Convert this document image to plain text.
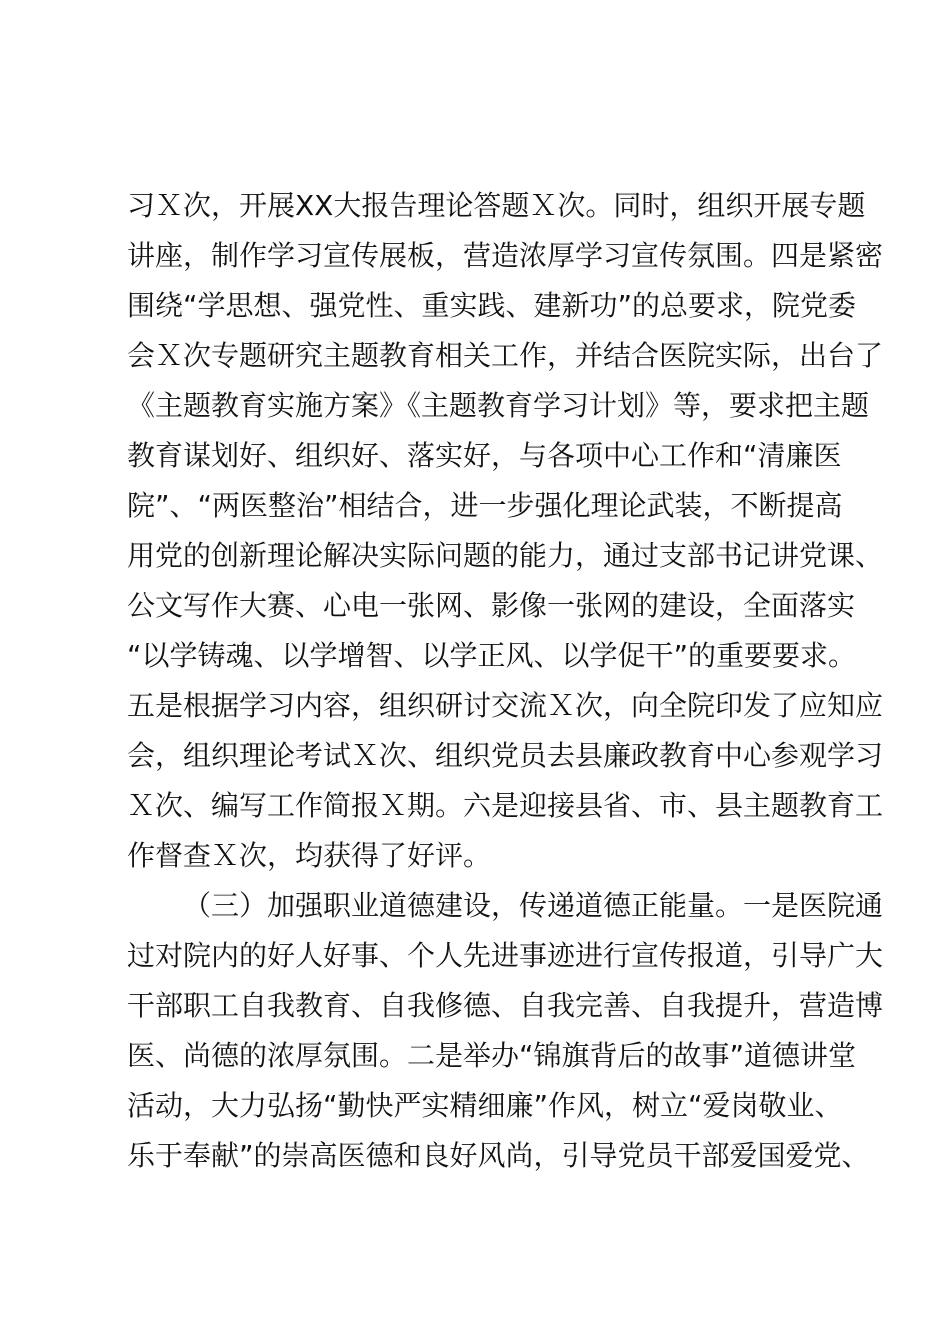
习Ｘ次，开展XX大报告理论答题Ｘ次。同时，组织开展专题
讲座，制作学习宣传展板，营造浓厚学习宣传氛围。四是紧密
围绕“学思想、强党性、重实践、建新功”的总要求，院党委
会Ｘ次专题研究主题教育相关工作，并结合医院实际，出台了
《主题教育实施方案》《主题教育学习计划》等，要求把主题
教育谋划好、组织好、落实好，与各项中心工作和“清廉医
院”、“两医整治”相结合，进一步强化理论武装，不断提高
用党的创新理论解决实际问题的能力，通过支部书记讲党课、
公文写作大赛、心电一张网、影像一张网的建设，全面落实
“以学铸魂、以学增智、以学正风、以学促干”的重要要求。
五是根据学习内容，组织研讨交流Ｘ次，向全院印发了应知应
会，组织理论考试Ｘ次、组织党员去县廉政教育中心参观学习
Ｘ次、编写工作简报Ｘ期。六是迎接县省、市、县主题教育工
作督查Ｘ次，均获得了好评。
（三）加强职业道德建设，传递道德正能量。一是医院通
过对院内的好人好事、个人先进事迹进行宣传报道，引导广大
干部职工自我教育、自我修德、自我完善、自我提升，营造博
医、尚德的浓厚氛围。二是举办“锦旗背后的故事”道德讲堂
活动，大力弘扬“勤快严实精细廉”作风，树立“爱岗敬业、
乐于奉献”的崇高医德和良好风尚，引导党员干部爱国爱党、
